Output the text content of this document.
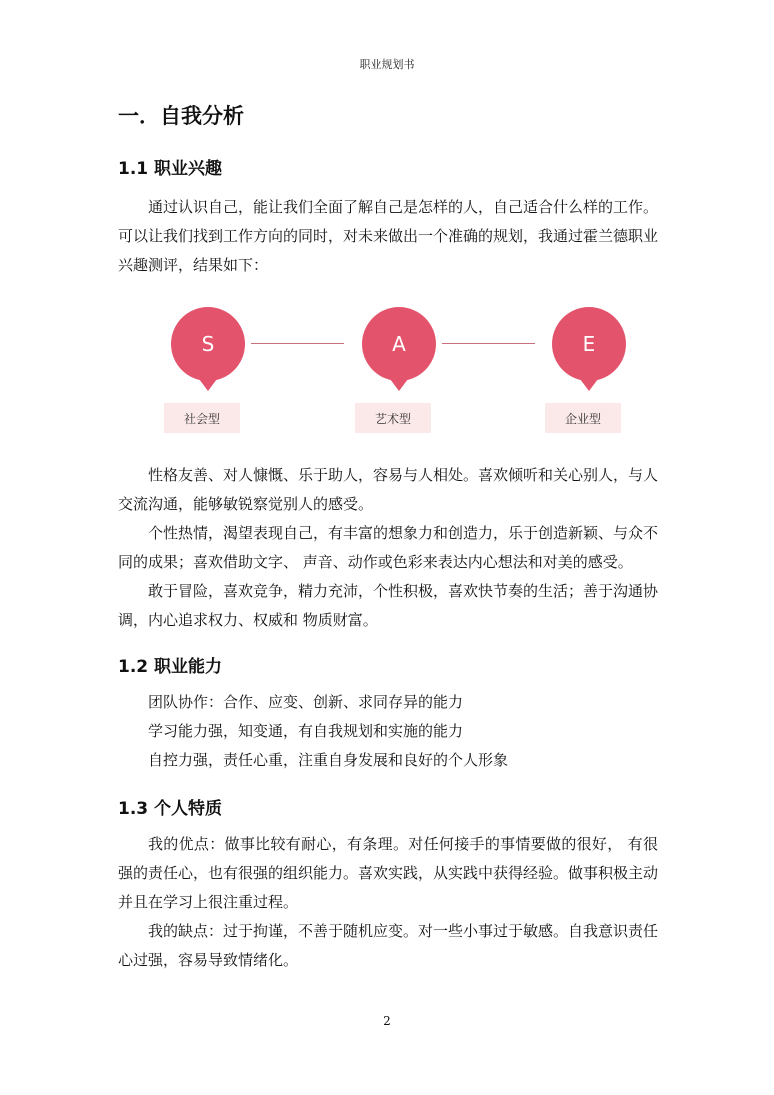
职业规划书
一．自我分析
1.1 职业兴趣

通过认识自己，能让我们全面了解自己是怎样的人，自己适合什么样的工作。可以让我们找到工作方向的同时，对未来做出一个准确的规划，我通过霍兰德职业兴趣测评，结果如下：

S
社会型
A
艺术型
E
企业型

性格友善、对人慷慨、乐于助人，容易与人相处。喜欢倾听和关心别人，与人交流沟通，能够敏锐察觉别人的感受。

个性热情，渴望表现自己，有丰富的想象力和创造力，乐于创造新颖、与众不同的成果；喜欢借助文字、 声音、动作或色彩来表达内心想法和对美的感受。

敢于冒险，喜欢竞争，精力充沛，个性积极，喜欢快节奏的生活；善于沟通协调，内心追求权力、权威和 物质财富。

1.2 职业能力
团队协作：合作、应变、创新、求同存异的能力
学习能力强，知变通，有自我规划和实施的能力
自控力强，责任心重，注重自身发展和良好的个人形象
1.3 个人特质

我的优点：做事比较有耐心，有条理。对任何接手的事情要做的很好， 有很强的责任心，也有很强的组织能力。喜欢实践，从实践中获得经验。做事积极主动并且在学习上很注重过程。

我的缺点：过于拘谨，不善于随机应变。对一些小事过于敏感。自我意识责任心过强，容易导致情绪化。

2
